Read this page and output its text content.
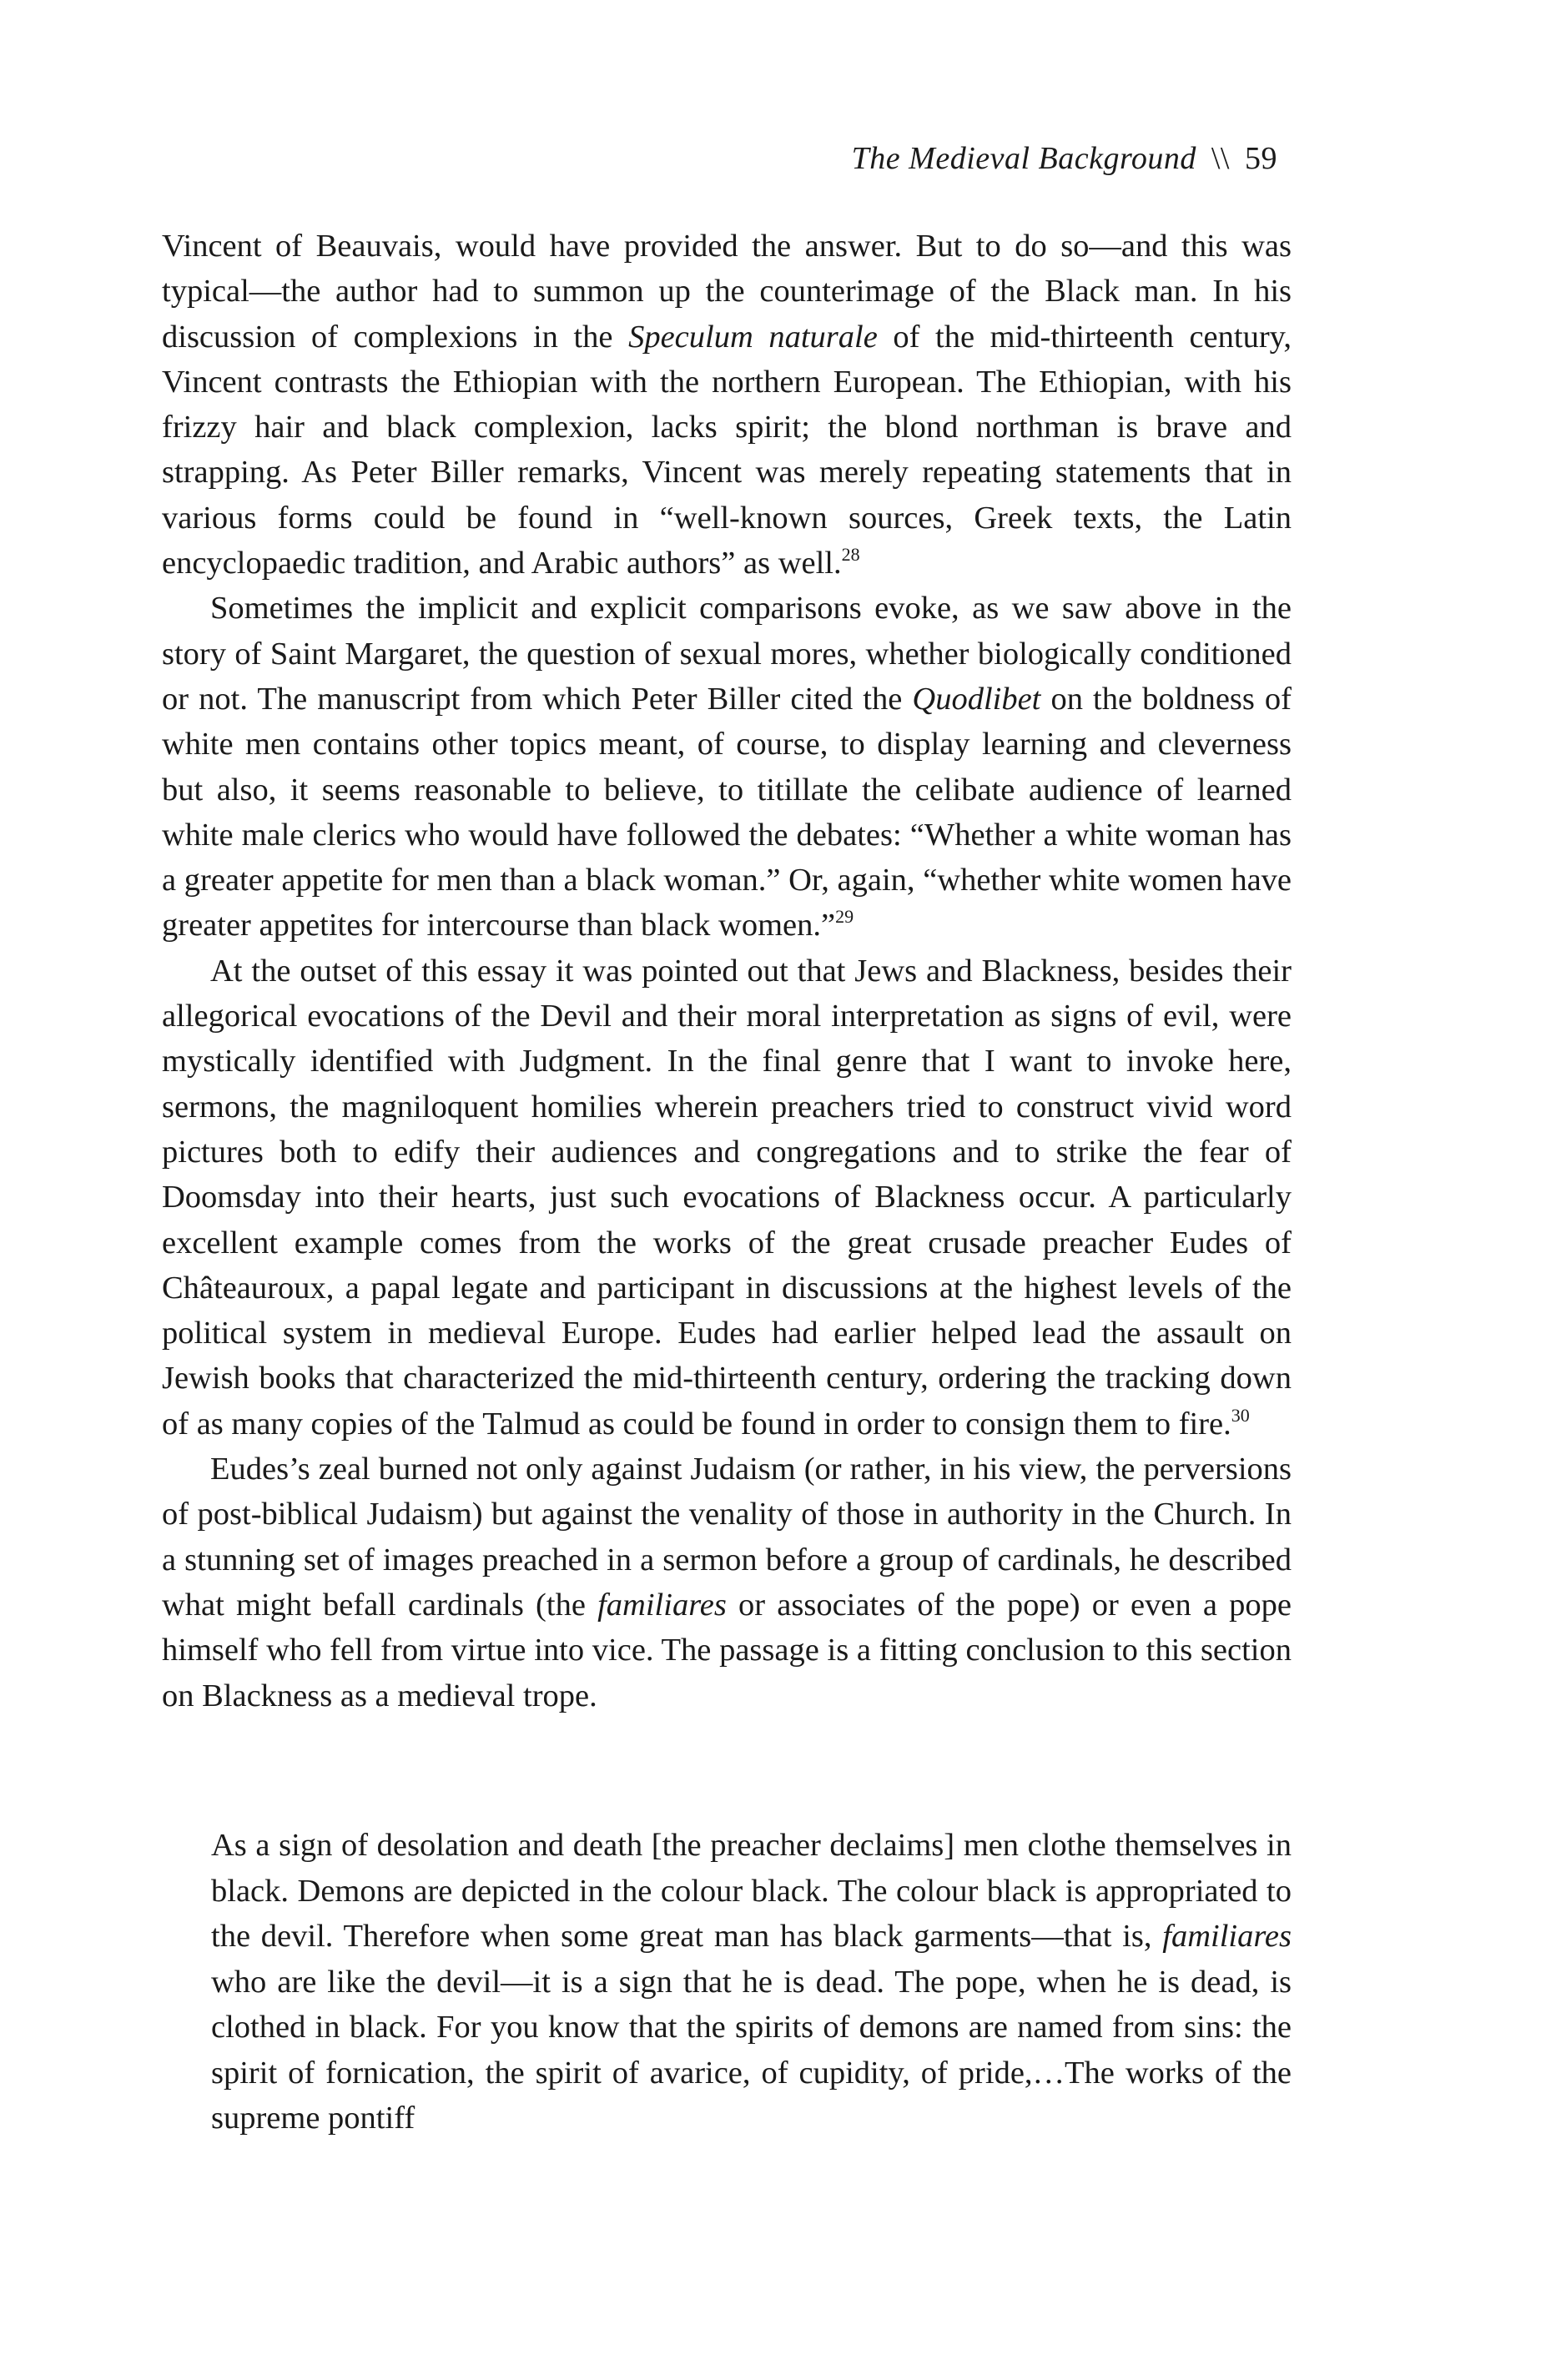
The Medieval Background \\ 59

Vincent of Beauvais, would have provided the answer. But to do so—and this was typical—the author had to summon up the counterimage of the Black man. In his discussion of complexions in the Speculum naturale of the mid-thirteenth century, Vincent contrasts the Ethiopian with the northern European. The Ethiopian, with his frizzy hair and black complexion, lacks spirit; the blond northman is brave and strapping. As Peter Biller remarks, Vincent was merely repeating statements that in various forms could be found in “well-known sources, Greek texts, the Latin encyclopaedic tradition, and Arabic authors” as well.$^{28}$

Sometimes the implicit and explicit comparisons evoke, as we saw above in the story of Saint Margaret, the question of sexual mores, whether biologically conditioned or not. The manuscript from which Peter Biller cited the Quodlibet on the boldness of white men contains other topics meant, of course, to display learning and cleverness but also, it seems reasonable to believe, to titillate the celibate audience of learned white male clerics who would have followed the debates: “Whether a white woman has a greater appetite for men than a black woman.” Or, again, “whether white women have greater appetites for intercourse than black women.”$^{29}$

At the outset of this essay it was pointed out that Jews and Blackness, besides their allegorical evocations of the Devil and their moral interpretation as signs of evil, were mystically identified with Judgment. In the final genre that I want to invoke here, sermons, the magniloquent homilies wherein preachers tried to construct vivid word pictures both to edify their audiences and congregations and to strike the fear of Doomsday into their hearts, just such evocations of Blackness occur. A particularly excellent example comes from the works of the great crusade preacher Eudes of Châteauroux, a papal legate and participant in discussions at the highest levels of the political system in medieval Europe. Eudes had earlier helped lead the assault on Jewish books that characterized the mid-thirteenth century, ordering the tracking down of as many copies of the Talmud as could be found in order to consign them to fire.$^{30}$

Eudes’s zeal burned not only against Judaism (or rather, in his view, the perversions of post-biblical Judaism) but against the venality of those in authority in the Church. In a stunning set of images preached in a sermon before a group of cardinals, he described what might befall cardinals (the familiares or associates of the pope) or even a pope himself who fell from virtue into vice. The passage is a fitting conclusion to this section on Blackness as a medieval trope.

As a sign of desolation and death [the preacher declaims] men clothe themselves in black. Demons are depicted in the colour black. The colour black is appropriated to the devil. Therefore when some great man has black garments—that is, familiares who are like the devil—it is a sign that he is dead. The pope, when he is dead, is clothed in black. For you know that the spirits of demons are named from sins: the spirit of fornication, the spirit of avarice, of cupidity, of pride,…The works of the supreme pontiff
